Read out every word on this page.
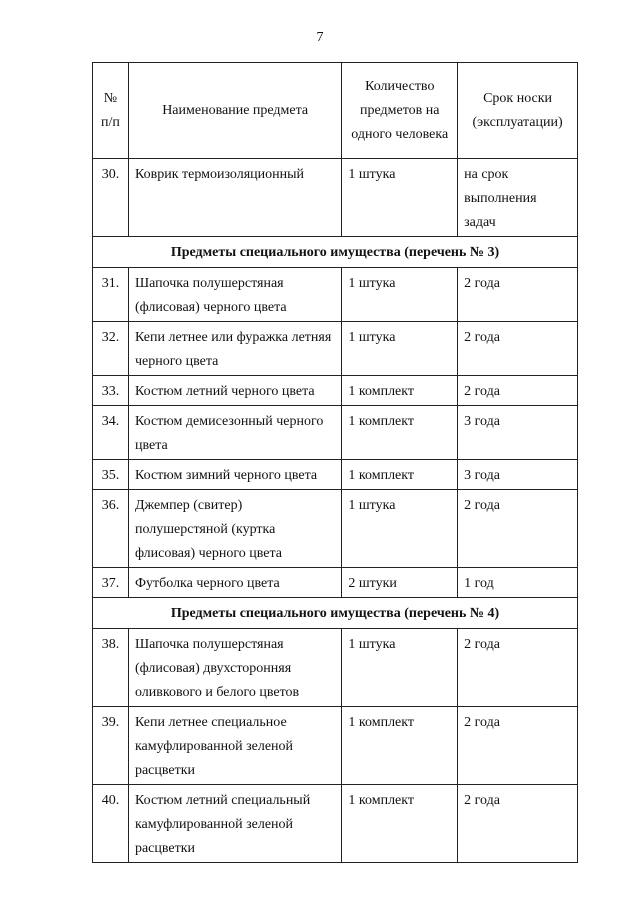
7
№ п/п	Наименование предмета	Количество предметов на одного человека	Срок носки (эксплуатации)
30.	Коврик термоизоляционный	1 штука	на срок выполнения задач
Предметы специального имущества (перечень № 3)			
31.	Шапочка полушерстяная (флисовая) черного цвета	1 штука	2 года
32.	Кепи летнее или фуражка летняя черного цвета	1 штука	2 года
33.	Костюм летний черного цвета	1 комплект	2 года
34.	Костюм демисезонный черного цвета	1 комплект	3 года
35.	Костюм зимний черного цвета	1 комплект	3 года
36.	Джемпер (свитер) полушерстяной (куртка флисовая) черного цвета	1 штука	2 года
37.	Футболка черного цвета	2 штуки	1 год
Предметы специального имущества (перечень № 4)			
38.	Шапочка полушерстяная (флисовая) двухсторонняя оливкового и белого цветов	1 штука	2 года
39.	Кепи летнее специальное камуфлированной зеленой расцветки	1 комплект	2 года
40.	Костюм летний специальный камуфлированной зеленой расцветки	1 комплект	2 года
